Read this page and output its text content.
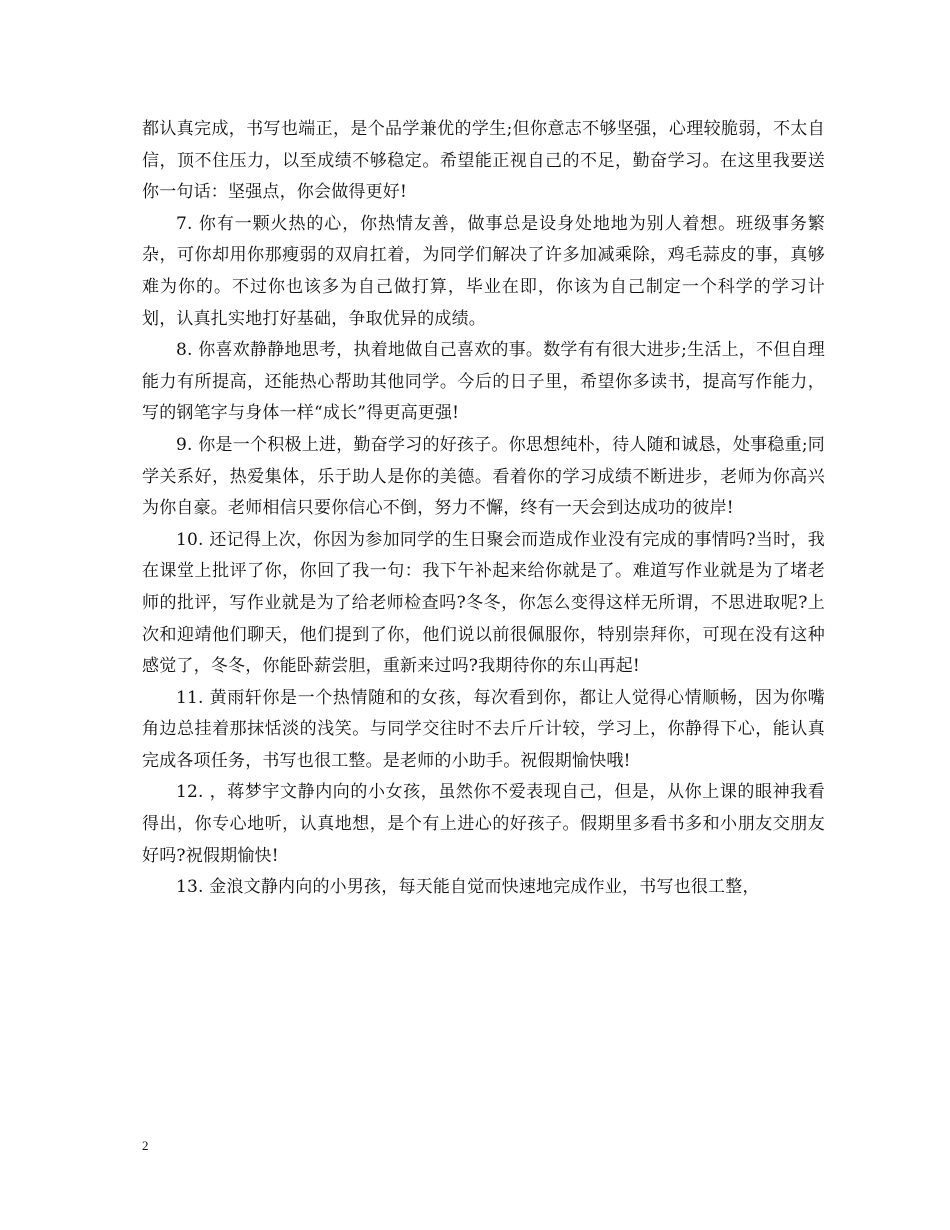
都认真完成，书写也端正，是个品学兼优的学生;但你意志不够坚强，心理较脆弱，不太自信，顶不住压力，以至成绩不够稳定。希望能正视自己的不足，勤奋学习。在这里我要送你一句话：坚强点，你会做得更好!

7. 你有一颗火热的心，你热情友善，做事总是设身处地地为别人着想。班级事务繁杂，可你却用你那瘦弱的双肩扛着，为同学们解决了许多加减乘除，鸡毛蒜皮的事，真够难为你的。不过你也该多为自己做打算，毕业在即，你该为自己制定一个科学的学习计划，认真扎实地打好基础，争取优异的成绩。

8. 你喜欢静静地思考，执着地做自己喜欢的事。数学有有很大进步;生活上，不但自理能力有所提高，还能热心帮助其他同学。今后的日子里，希望你多读书，提高写作能力，写的钢笔字与身体一样“成长”得更高更强!

9. 你是一个积极上进，勤奋学习的好孩子。你思想纯朴，待人随和诚恳，处事稳重;同学关系好，热爱集体，乐于助人是你的美德。看着你的学习成绩不断进步，老师为你高兴为你自豪。老师相信只要你信心不倒，努力不懈，终有一天会到达成功的彼岸!

10. 还记得上次，你因为参加同学的生日聚会而造成作业没有完成的事情吗?当时，我在课堂上批评了你，你回了我一句：我下午补起来给你就是了。难道写作业就是为了堵老师的批评，写作业就是为了给老师检查吗?冬冬，你怎么变得这样无所谓，不思进取呢?上次和迎靖他们聊天，他们提到了你，他们说以前很佩服你，特别崇拜你，可现在没有这种感觉了，冬冬，你能卧薪尝胆，重新来过吗?我期待你的东山再起!

11. 黄雨轩你是一个热情随和的女孩，每次看到你，都让人觉得心情顺畅，因为你嘴角边总挂着那抹恬淡的浅笑。与同学交往时不去斤斤计较，学习上，你静得下心，能认真完成各项任务，书写也很工整。是老师的小助手。祝假期愉快哦!

12. ，蒋梦宇文静内向的小女孩，虽然你不爱表现自己，但是，从你上课的眼神我看得出，你专心地听，认真地想，是个有上进心的好孩子。假期里多看书多和小朋友交朋友好吗?祝假期愉快!

13. 金浪文静内向的小男孩，每天能自觉而快速地完成作业，书写也很工整，

2
